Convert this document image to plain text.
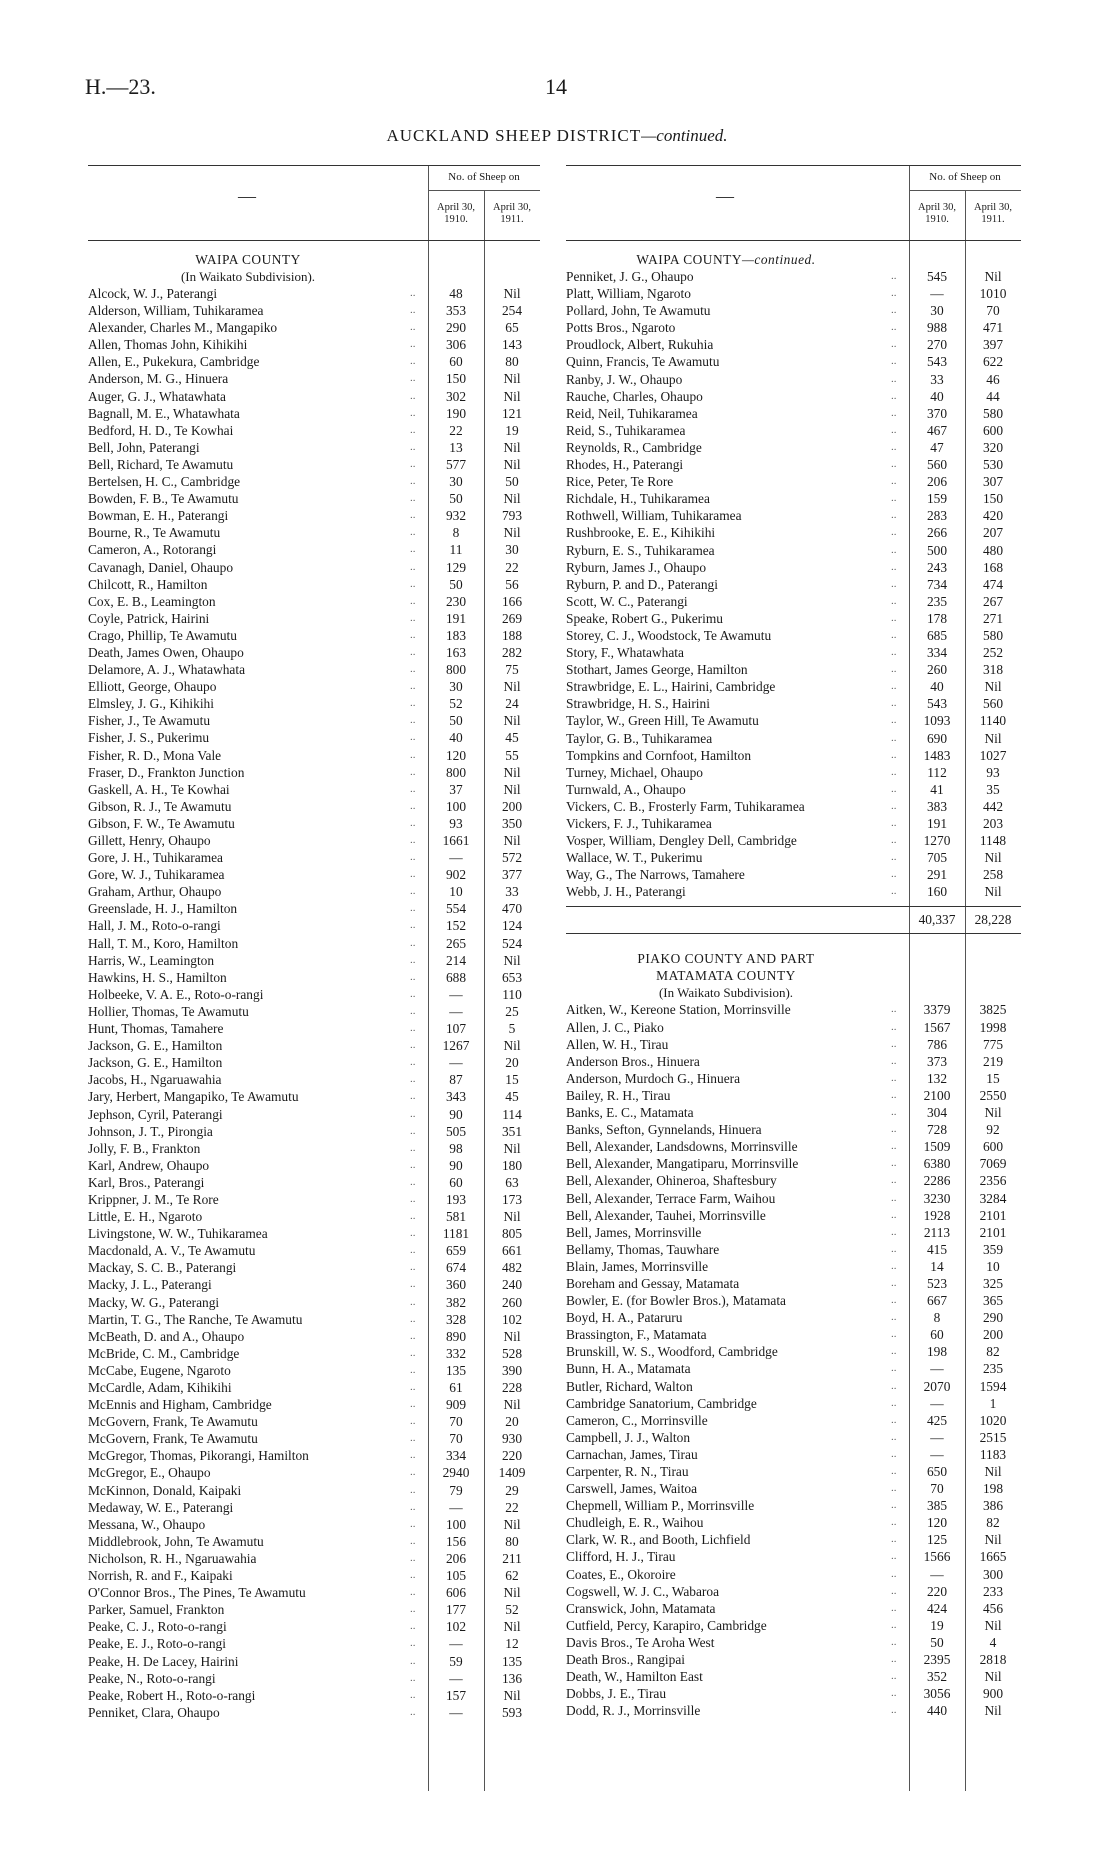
H.—23.	14
AUCKLAND SHEEP DISTRICT—continued.
—
No. of Sheep on
April 30,
1910.
April 30,
1911.
WAIPA COUNTY
(In Waikato Subdivision).
Alcock, W. J., Paterangi	..	48	Nil
Alderson, William, Tuhikaramea	..	353	254
Alexander, Charles M., Mangapiko	..	290	65
Allen, Thomas John, Kihikihi	..	306	143
Allen, E., Pukekura, Cambridge	..	60	80
Anderson, M. G., Hinuera	..	150	Nil
Auger, G. J., Whatawhata	..	302	Nil
Bagnall, M. E., Whatawhata	..	190	121
Bedford, H. D., Te Kowhai	..	22	19
Bell, John, Paterangi	..	13	Nil
Bell, Richard, Te Awamutu	..	577	Nil
Bertelsen, H. C., Cambridge	..	30	50
Bowden, F. B., Te Awamutu	..	50	Nil
Bowman, E. H., Paterangi	..	932	793
Bourne, R., Te Awamutu	..	8	Nil
Cameron, A., Rotorangi	..	11	30
Cavanagh, Daniel, Ohaupo	..	129	22
Chilcott, R., Hamilton	..	50	56
Cox, E. B., Leamington	..	230	166
Coyle, Patrick, Hairini	..	191	269
Crago, Phillip, Te Awamutu	..	183	188
Death, James Owen, Ohaupo	..	163	282
Delamore, A. J., Whatawhata	..	800	75
Elliott, George, Ohaupo	..	30	Nil
Elmsley, J. G., Kihikihi	..	52	24
Fisher, J., Te Awamutu	..	50	Nil
Fisher, J. S., Pukerimu	..	40	45
Fisher, R. D., Mona Vale	..	120	55
Fraser, D., Frankton Junction	..	800	Nil
Gaskell, A. H., Te Kowhai	..	37	Nil
Gibson, R. J., Te Awamutu	..	100	200
Gibson, F. W., Te Awamutu	..	93	350
Gillett, Henry, Ohaupo	..	1661	Nil
Gore, J. H., Tuhikaramea	..	—	572
Gore, W. J., Tuhikaramea	..	902	377
Graham, Arthur, Ohaupo	..	10	33
Greenslade, H. J., Hamilton	..	554	470
Hall, J. M., Roto-o-rangi	..	152	124
Hall, T. M., Koro, Hamilton	..	265	524
Harris, W., Leamington	..	214	Nil
Hawkins, H. S., Hamilton	..	688	653
Holbeeke, V. A. E., Roto-o-rangi	..	—	110
Hollier, Thomas, Te Awamutu	..	—	25
Hunt, Thomas, Tamahere	..	107	5
Jackson, G. E., Hamilton	..	1267	Nil
Jackson, G. E., Hamilton	..	—	20
Jacobs, H., Ngaruawahia	..	87	15
Jary, Herbert, Mangapiko, Te Awamutu	..	343	45
Jephson, Cyril, Paterangi	..	90	114
Johnson, J. T., Pirongia	..	505	351
Jolly, F. B., Frankton	..	98	Nil
Karl, Andrew, Ohaupo	..	90	180
Karl, Bros., Paterangi	..	60	63
Krippner, J. M., Te Rore	..	193	173
Little, E. H., Ngaroto	..	581	Nil
Livingstone, W. W., Tuhikaramea	..	1181	805
Macdonald, A. V., Te Awamutu	..	659	661
Mackay, S. C. B., Paterangi	..	674	482
Macky, J. L., Paterangi	..	360	240
Macky, W. G., Paterangi	..	382	260
Martin, T. G., The Ranche, Te Awamutu	..	328	102
McBeath, D. and A., Ohaupo	..	890	Nil
McBride, C. M., Cambridge	..	332	528
McCabe, Eugene, Ngaroto	..	135	390
McCardle, Adam, Kihikihi	..	61	228
McEnnis and Higham, Cambridge	..	909	Nil
McGovern, Frank, Te Awamutu	..	70	20
McGovern, Frank, Te Awamutu	..	70	930
McGregor, Thomas, Pikorangi, Hamilton	..	334	220
McGregor, E., Ohaupo	..	2940	1409
McKinnon, Donald, Kaipaki	..	79	29
Medaway, W. E., Paterangi	..	—	22
Messana, W., Ohaupo	..	100	Nil
Middlebrook, John, Te Awamutu	..	156	80
Nicholson, R. H., Ngaruawahia	..	206	211
Norrish, R. and F., Kaipaki	..	105	62
O'Connor Bros., The Pines, Te Awamutu	..	606	Nil
Parker, Samuel, Frankton	..	177	52
Peake, C. J., Roto-o-rangi	..	102	Nil
Peake, E. J., Roto-o-rangi	..	—	12
Peake, H. De Lacey, Hairini	..	59	135
Peake, N., Roto-o-rangi	..	—	136
Peake, Robert H., Roto-o-rangi	..	157	Nil
Penniket, Clara, Ohaupo	..	—	593
—
No. of Sheep on
April 30,
1910.
April 30,
1911.
WAIPA COUNTY—continued.
Penniket, J. G., Ohaupo	..	545	Nil
Platt, William, Ngaroto	..	—	1010
Pollard, John, Te Awamutu	..	30	70
Potts Bros., Ngaroto	..	988	471
Proudlock, Albert, Rukuhia	..	270	397
Quinn, Francis, Te Awamutu	..	543	622
Ranby, J. W., Ohaupo	..	33	46
Rauche, Charles, Ohaupo	..	40	44
Reid, Neil, Tuhikaramea	..	370	580
Reid, S., Tuhikaramea	..	467	600
Reynolds, R., Cambridge	..	47	320
Rhodes, H., Paterangi	..	560	530
Rice, Peter, Te Rore	..	206	307
Richdale, H., Tuhikaramea	..	159	150
Rothwell, William, Tuhikaramea	..	283	420
Rushbrooke, E. E., Kihikihi	..	266	207
Ryburn, E. S., Tuhikaramea	..	500	480
Ryburn, James J., Ohaupo	..	243	168
Ryburn, P. and D., Paterangi	..	734	474
Scott, W. C., Paterangi	..	235	267
Speake, Robert G., Pukerimu	..	178	271
Storey, C. J., Woodstock, Te Awamutu	..	685	580
Story, F., Whatawhata	..	334	252
Stothart, James George, Hamilton	..	260	318
Strawbridge, E. L., Hairini, Cambridge	..	40	Nil
Strawbridge, H. S., Hairini	..	543	560
Taylor, W., Green Hill, Te Awamutu	..	1093	1140
Taylor, G. B., Tuhikaramea	..	690	Nil
Tompkins and Cornfoot, Hamilton	..	1483	1027
Turney, Michael, Ohaupo	..	112	93
Turnwald, A., Ohaupo	..	41	35
Vickers, C. B., Frosterly Farm, Tuhikaramea	..	383	442
Vickers, F. J., Tuhikaramea	..	191	203
Vosper, William, Dengley Dell, Cambridge	..	1270	1148
Wallace, W. T., Pukerimu	..	705	Nil
Way, G., The Narrows, Tamahere	..	291	258
Webb, J. H., Paterangi	..	160	Nil
40,337	28,228
PIAKO COUNTY AND PART
MATAMATA COUNTY
(In Waikato Subdivision).
Aitken, W., Kereone Station, Morrinsville	..	3379	3825
Allen, J. C., Piako	..	1567	1998
Allen, W. H., Tirau	..	786	775
Anderson Bros., Hinuera	..	373	219
Anderson, Murdoch G., Hinuera	..	132	15
Bailey, R. H., Tirau	..	2100	2550
Banks, E. C., Matamata	..	304	Nil
Banks, Sefton, Gynnelands, Hinuera	..	728	92
Bell, Alexander, Landsdowns, Morrinsville	..	1509	600
Bell, Alexander, Mangatiparu, Morrinsville	..	6380	7069
Bell, Alexander, Ohineroa, Shaftesbury	..	2286	2356
Bell, Alexander, Terrace Farm, Waihou	..	3230	3284
Bell, Alexander, Tauhei, Morrinsville	..	1928	2101
Bell, James, Morrinsville	..	2113	2101
Bellamy, Thomas, Tauwhare	..	415	359
Blain, James, Morrinsville	..	14	10
Boreham and Gessay, Matamata	..	523	325
Bowler, E. (for Bowler Bros.), Matamata	..	667	365
Boyd, H. A., Pataruru	..	8	290
Brassington, F., Matamata	..	60	200
Brunskill, W. S., Woodford, Cambridge	..	198	82
Bunn, H. A., Matamata	..	—	235
Butler, Richard, Walton	..	2070	1594
Cambridge Sanatorium, Cambridge	..	—	1
Cameron, C., Morrinsville	..	425	1020
Campbell, J. J., Walton	..	—	2515
Carnachan, James, Tirau	..	—	1183
Carpenter, R. N., Tirau	..	650	Nil
Carswell, James, Waitoa	..	70	198
Chepmell, William P., Morrinsville	..	385	386
Chudleigh, E. R., Waihou	..	120	82
Clark, W. R., and Booth, Lichfield	..	125	Nil
Clifford, H. J., Tirau	..	1566	1665
Coates, E., Okoroire	..	—	300
Cogswell, W. J. C., Wabaroa	..	220	233
Cranswick, John, Matamata	..	424	456
Cutfield, Percy, Karapiro, Cambridge	..	19	Nil
Davis Bros., Te Aroha West	..	50	4
Death Bros., Rangipai	..	2395	2818
Death, W., Hamilton East	..	352	Nil
Dobbs, J. E., Tirau	..	3056	900
Dodd, R. J., Morrinsville	..	440	Nil
